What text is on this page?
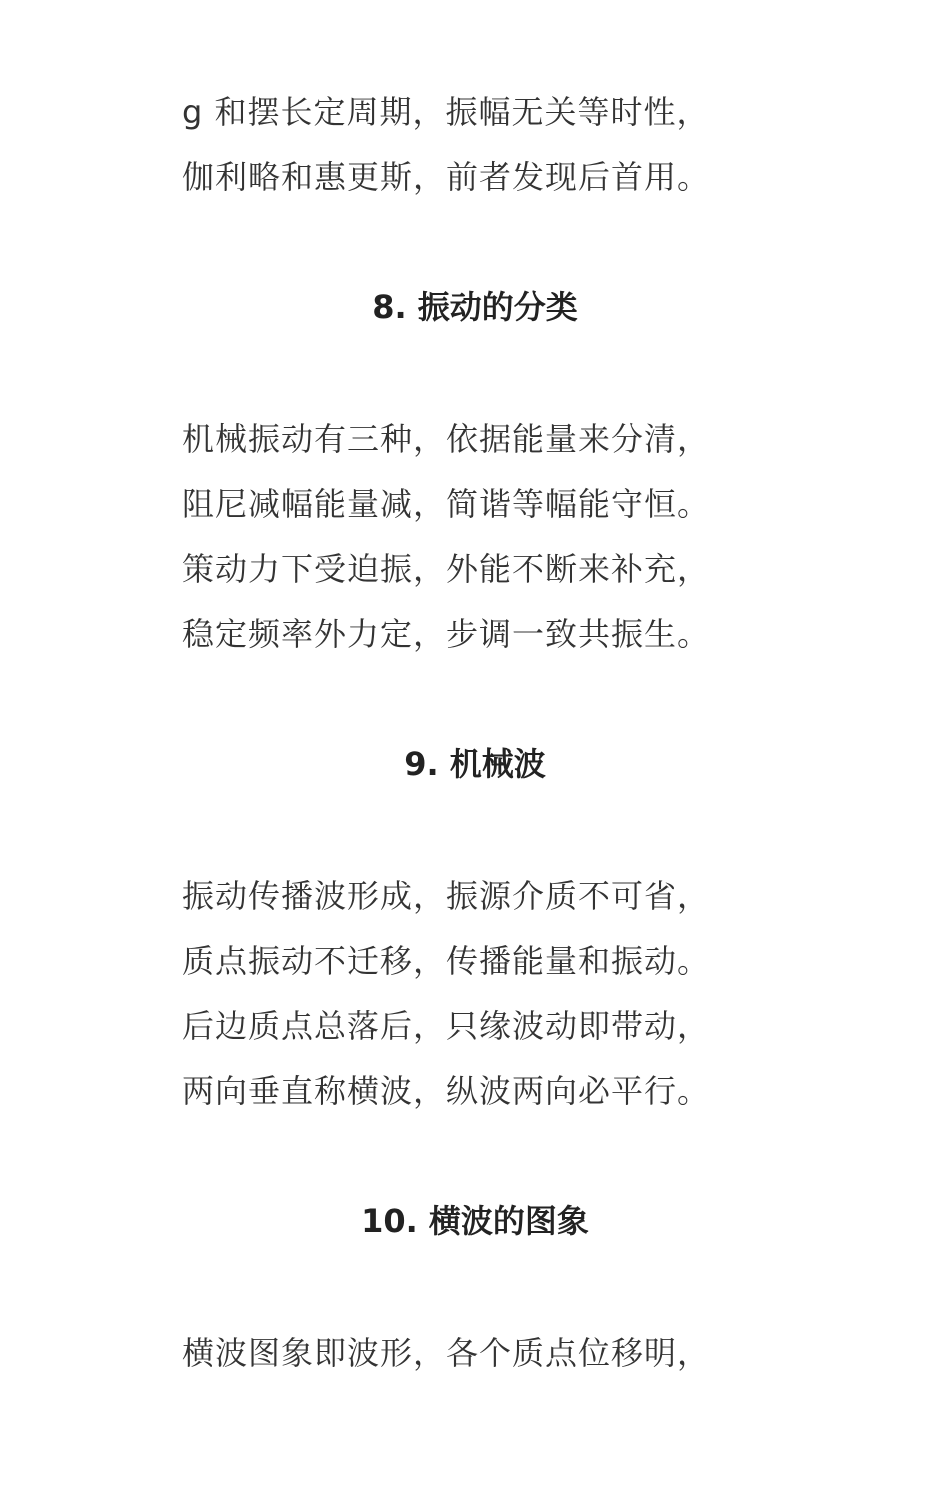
g 和摆长定周期，振幅无关等时性，
伽利略和惠更斯，前者发现后首用。
8. 振动的分类
机械振动有三种，依据能量来分清，
阻尼减幅能量减，简谐等幅能守恒。
策动力下受迫振，外能不断来补充，
稳定频率外力定，步调一致共振生。
9. 机械波
振动传播波形成，振源介质不可省，
质点振动不迁移，传播能量和振动。
后边质点总落后，只缘波动即带动，
两向垂直称横波，纵波两向必平行。
10. 横波的图象
横波图象即波形，各个质点位移明，
